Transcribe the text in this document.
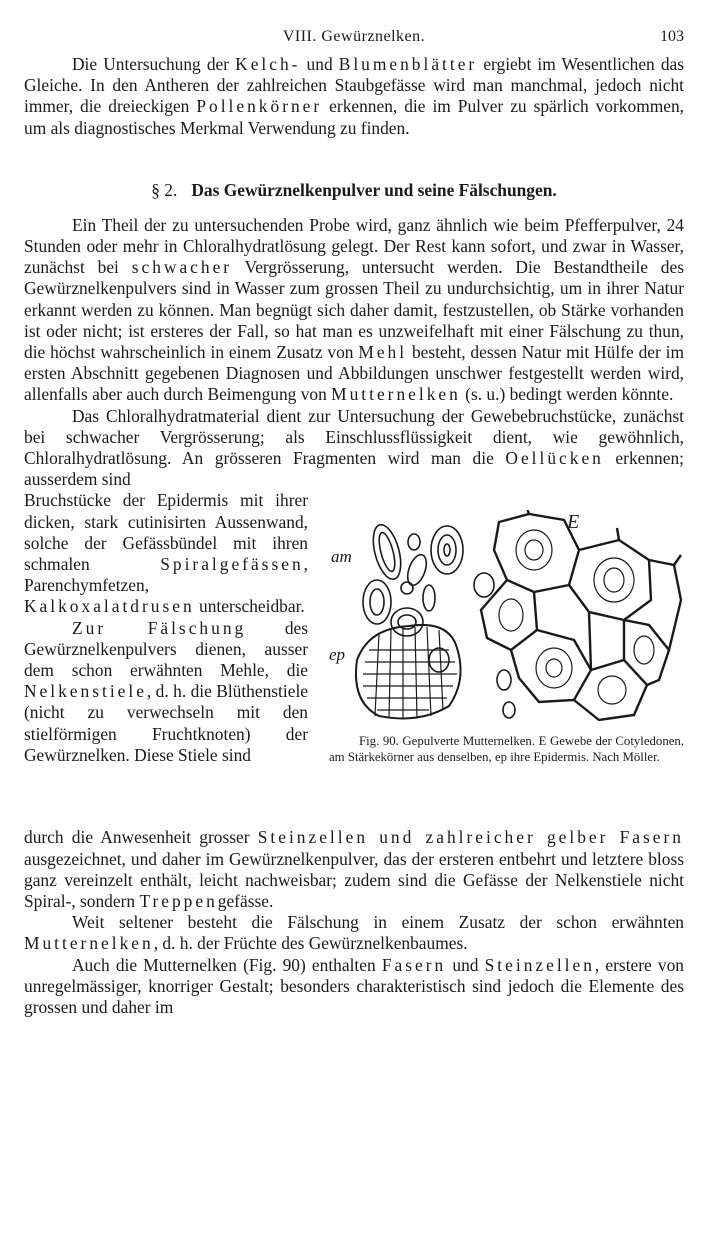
VIII. Gewürznelken.	103

Die Untersuchung der Kelch- und Blumenblätter ergiebt im Wesentlichen das Gleiche. In den Antheren der zahlreichen Staubgefässe wird man manchmal, jedoch nicht immer, die dreieckigen Pollenkörner erkennen, die im Pulver zu spärlich vorkommen, um als diagnostisches Merkmal Verwendung zu finden.

§ 2. Das Gewürznelkenpulver und seine Fälschungen.

Ein Theil der zu untersuchenden Probe wird, ganz ähnlich wie beim Pfefferpulver, 24 Stunden oder mehr in Chloralhydratlösung gelegt. Der Rest kann sofort, und zwar in Wasser, zunächst bei schwacher Vergrösserung, untersucht werden. Die Bestandtheile des Gewürznelkenpulvers sind in Wasser zum grossen Theil zu undurchsichtig, um in ihrer Natur erkannt werden zu können. Man begnügt sich daher damit, festzustellen, ob Stärke vorhanden ist oder nicht; ist ersteres der Fall, so hat man es unzweifelhaft mit einer Fälschung zu thun, die höchst wahrscheinlich in einem Zusatz von Mehl besteht, dessen Natur mit Hülfe der im ersten Abschnitt gegebenen Diagnosen und Abbildungen unschwer festgestellt werden wird, allenfalls aber auch durch Beimengung von Mutternelken (s. u.) bedingt werden könnte.

Das Chloralhydratmaterial dient zur Untersuchung der Gewebebruchstücke, zunächst bei schwacher Vergrösserung; als Einschlussflüssigkeit dient, wie gewöhnlich, Chloralhydratlösung. An grösseren Fragmenten wird man die Oellücken erkennen; ausserdem sind

Bruchstücke der Epidermis mit ihrer dicken, stark cutinisirten Aussenwand, solche der Gefässbündel mit ihren schmalen Spiralgefässen, Parenchymfetzen, Kalkoxalatdrusen unterscheidbar.

Zur Fälschung des Gewürznelkenpulvers dienen, ausser dem schon erwähnten Mehle, die Nelkenstiele, d. h. die Blüthenstiele (nicht zu verwechseln mit den stielförmigen Fruchtknoten) der Gewürznelken. Diese Stiele sind

E
am
ep
Fig. 90. Gepulverte Mutternelken. E Gewebe der Cotyledonen, am Stärkekörner aus denselben, ep ihre Epidermis. Nach Möller.

durch die Anwesenheit grosser Steinzellen und zahlreicher gelber Fasern ausgezeichnet, und daher im Gewürznelkenpulver, das der ersteren entbehrt und letztere bloss ganz vereinzelt enthält, leicht nachweisbar; zudem sind die Gefässe der Nelkenstiele nicht Spiral-, sondern Treppengefässe.

Weit seltener besteht die Fälschung in einem Zusatz der schon erwähnten Mutternelken, d. h. der Früchte des Gewürznelkenbaumes.

Auch die Mutternelken (Fig. 90) enthalten Fasern und Steinzellen, erstere von unregelmässiger, knorriger Gestalt; besonders charakteristisch sind jedoch die Elemente des grossen und daher im
